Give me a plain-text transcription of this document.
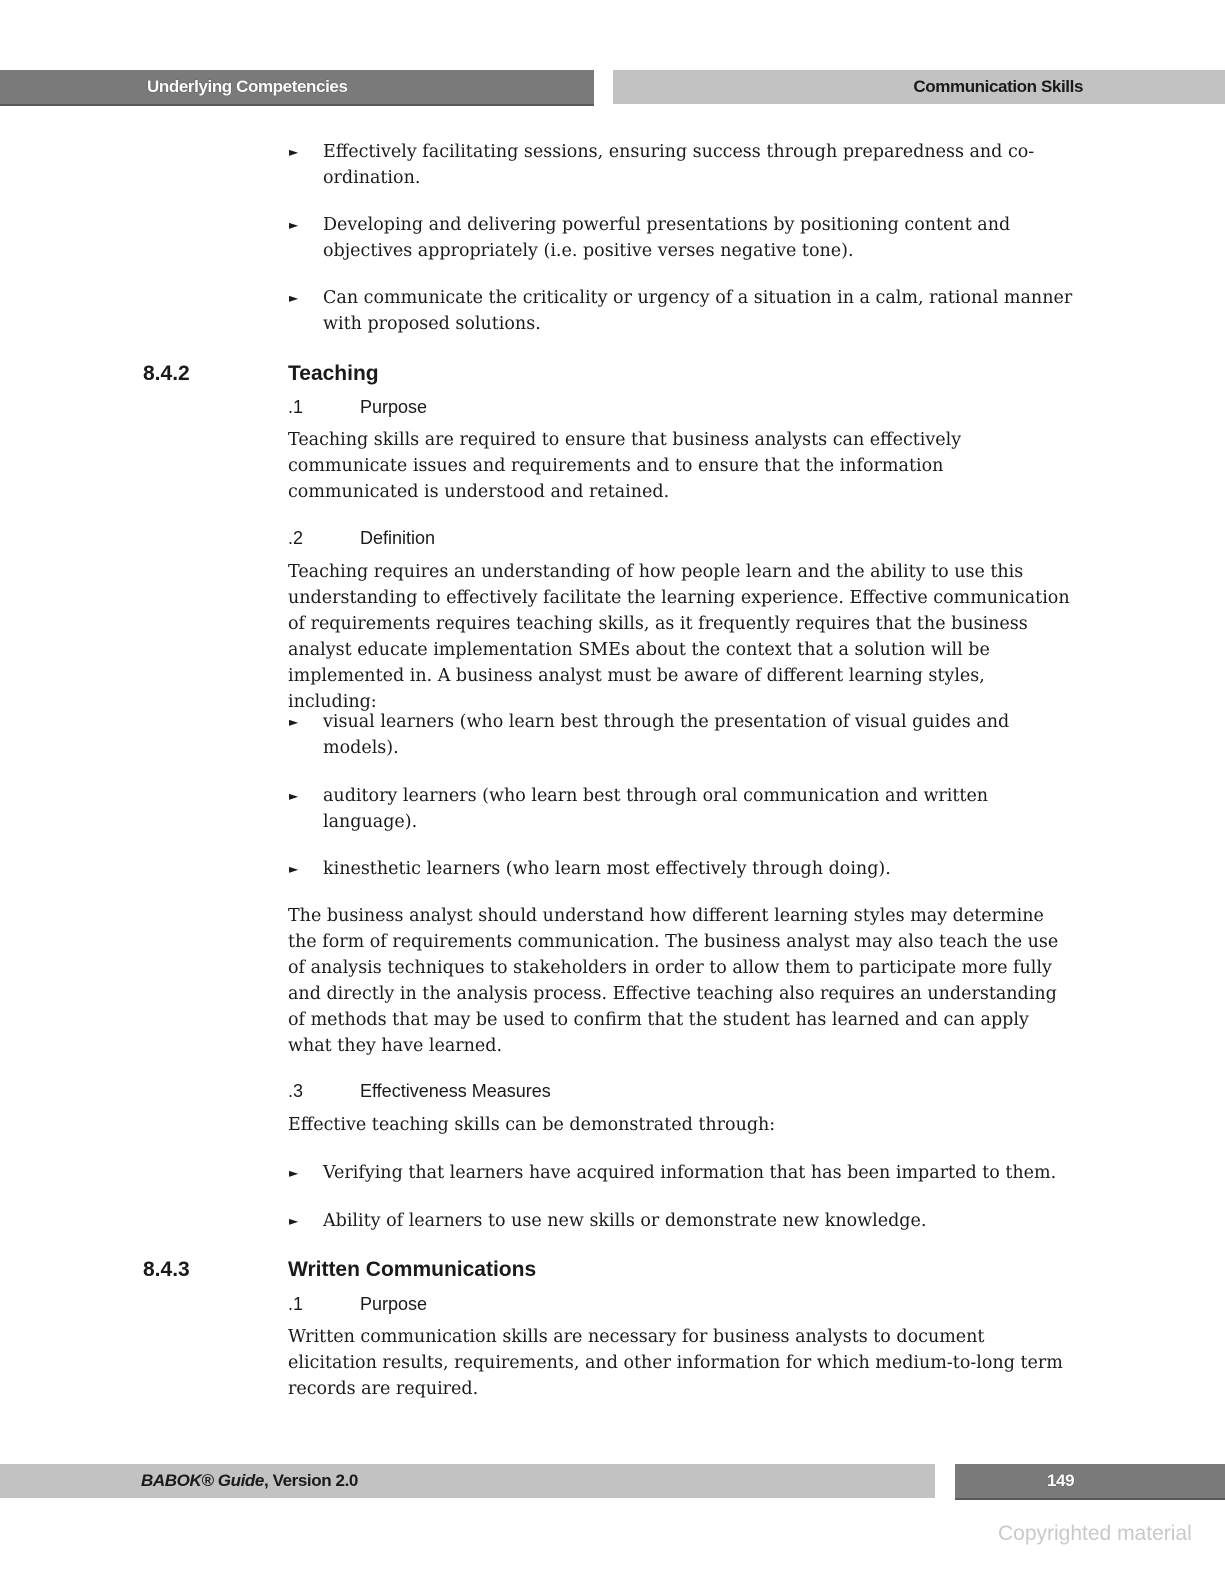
Underlying Competencies	Communication Skills
► Effectively facilitating sessions, ensuring success through preparedness and co-ordination.
► Developing and delivering powerful presentations by positioning content and objectives appropriately (i.e. positive verses negative tone).
► Can communicate the criticality or urgency of a situation in a calm, rational manner with proposed solutions.
8.4.2	Teaching
.1	Purpose
Teaching skills are required to ensure that business analysts can effectively communicate issues and requirements and to ensure that the information communicated is understood and retained.
.2	Definition
Teaching requires an understanding of how people learn and the ability to use this understanding to effectively facilitate the learning experience. Effective communication of requirements requires teaching skills, as it frequently requires that the business analyst educate implementation SMEs about the context that a solution will be implemented in. A business analyst must be aware of different learning styles, including:
► visual learners (who learn best through the presentation of visual guides and models).
► auditory learners (who learn best through oral communication and written language).
► kinesthetic learners (who learn most effectively through doing).
The business analyst should understand how different learning styles may determine the form of requirements communication. The business analyst may also teach the use of analysis techniques to stakeholders in order to allow them to participate more fully and directly in the analysis process. Effective teaching also requires an understanding of methods that may be used to confirm that the student has learned and can apply what they have learned.
.3	Effectiveness Measures
Effective teaching skills can be demonstrated through:
► Verifying that learners have acquired information that has been imparted to them.
► Ability of learners to use new skills or demonstrate new knowledge.
8.4.3	Written Communications
.1	Purpose
Written communication skills are necessary for business analysts to document elicitation results, requirements, and other information for which medium-to-long term records are required.
BABOK® Guide, Version 2.0	149
Copyrighted material
